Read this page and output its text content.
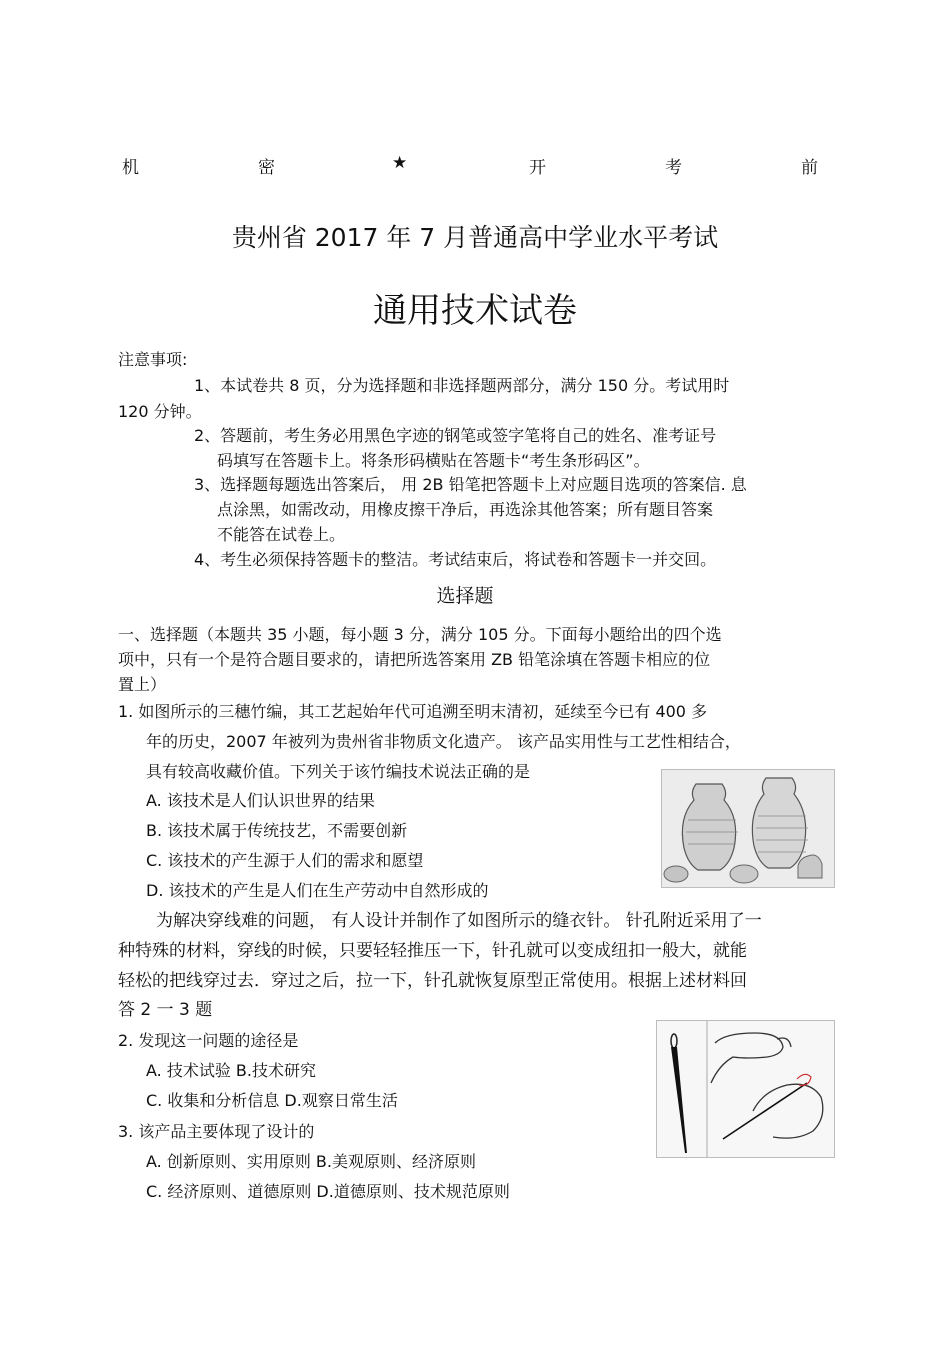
机	密	★	开	考	前
贵州省 2017 年 7 月普通高中学业水平考试
通用技术试卷
注意事项:
1、本试卷共 8 页，分为选择题和非选择题两部分，满分 150 分。考试用时
120 分钟。
2、答题前，考生务必用黑色字迹的钢笔或签字笔将自己的姓名、准考证号
码填写在答题卡上。将条形码横贴在答题卡“考生条形码区”。
3、选择题每题选出答案后， 用 2B 铅笔把答题卡上对应题目选项的答案信. 息
点涂黑，如需改动，用橡皮擦干净后，再选涂其他答案；所有题目答案
不能答在试卷上。
4、考生必须保持答题卡的整洁。考试结束后，将试卷和答题卡一并交回。
选择题
一、选择题（本题共 35 小题，每小题 3 分，满分 105 分。下面每小题给出的四个选
项中，只有一个是符合题目要求的，请把所选答案用 ZB 铅笔涂填在答题卡相应的位
置上）
1. 如图所示的三穗竹编，其工艺起始年代可追溯至明末清初，延续至今已有 400 多
年的历史，2007 年被列为贵州省非物质文化遗产。 该产品实用性与工艺性相结合，
具有较高收藏价值。下列关于该竹编技术说法正确的是
A. 该技术是人们认识世界的结果
B. 该技术属于传统技艺，不需要创新
C. 该技术的产生源于人们的需求和愿望
D. 该技术的产生是人们在生产劳动中自然形成的
为解决穿线难的问题， 有人设计并制作了如图所示的缝衣针。 针孔附近采用了一
种特殊的材料，穿线的时候，只要轻轻推压一下，针孔就可以变成纽扣一般大，就能
轻松的把线穿过去．穿过之后，拉一下，针孔就恢复原型正常使用。根据上述材料回
答 2 一 3 题
2. 发现这一问题的途径是
A. 技术试验 B.技术研究
C. 收集和分析信息 D.观察日常生活
3. 该产品主要体现了设计的
A. 创新原则、实用原则 B.美观原则、经济原则
C. 经济原则、道德原则 D.道德原则、技术规范原则
